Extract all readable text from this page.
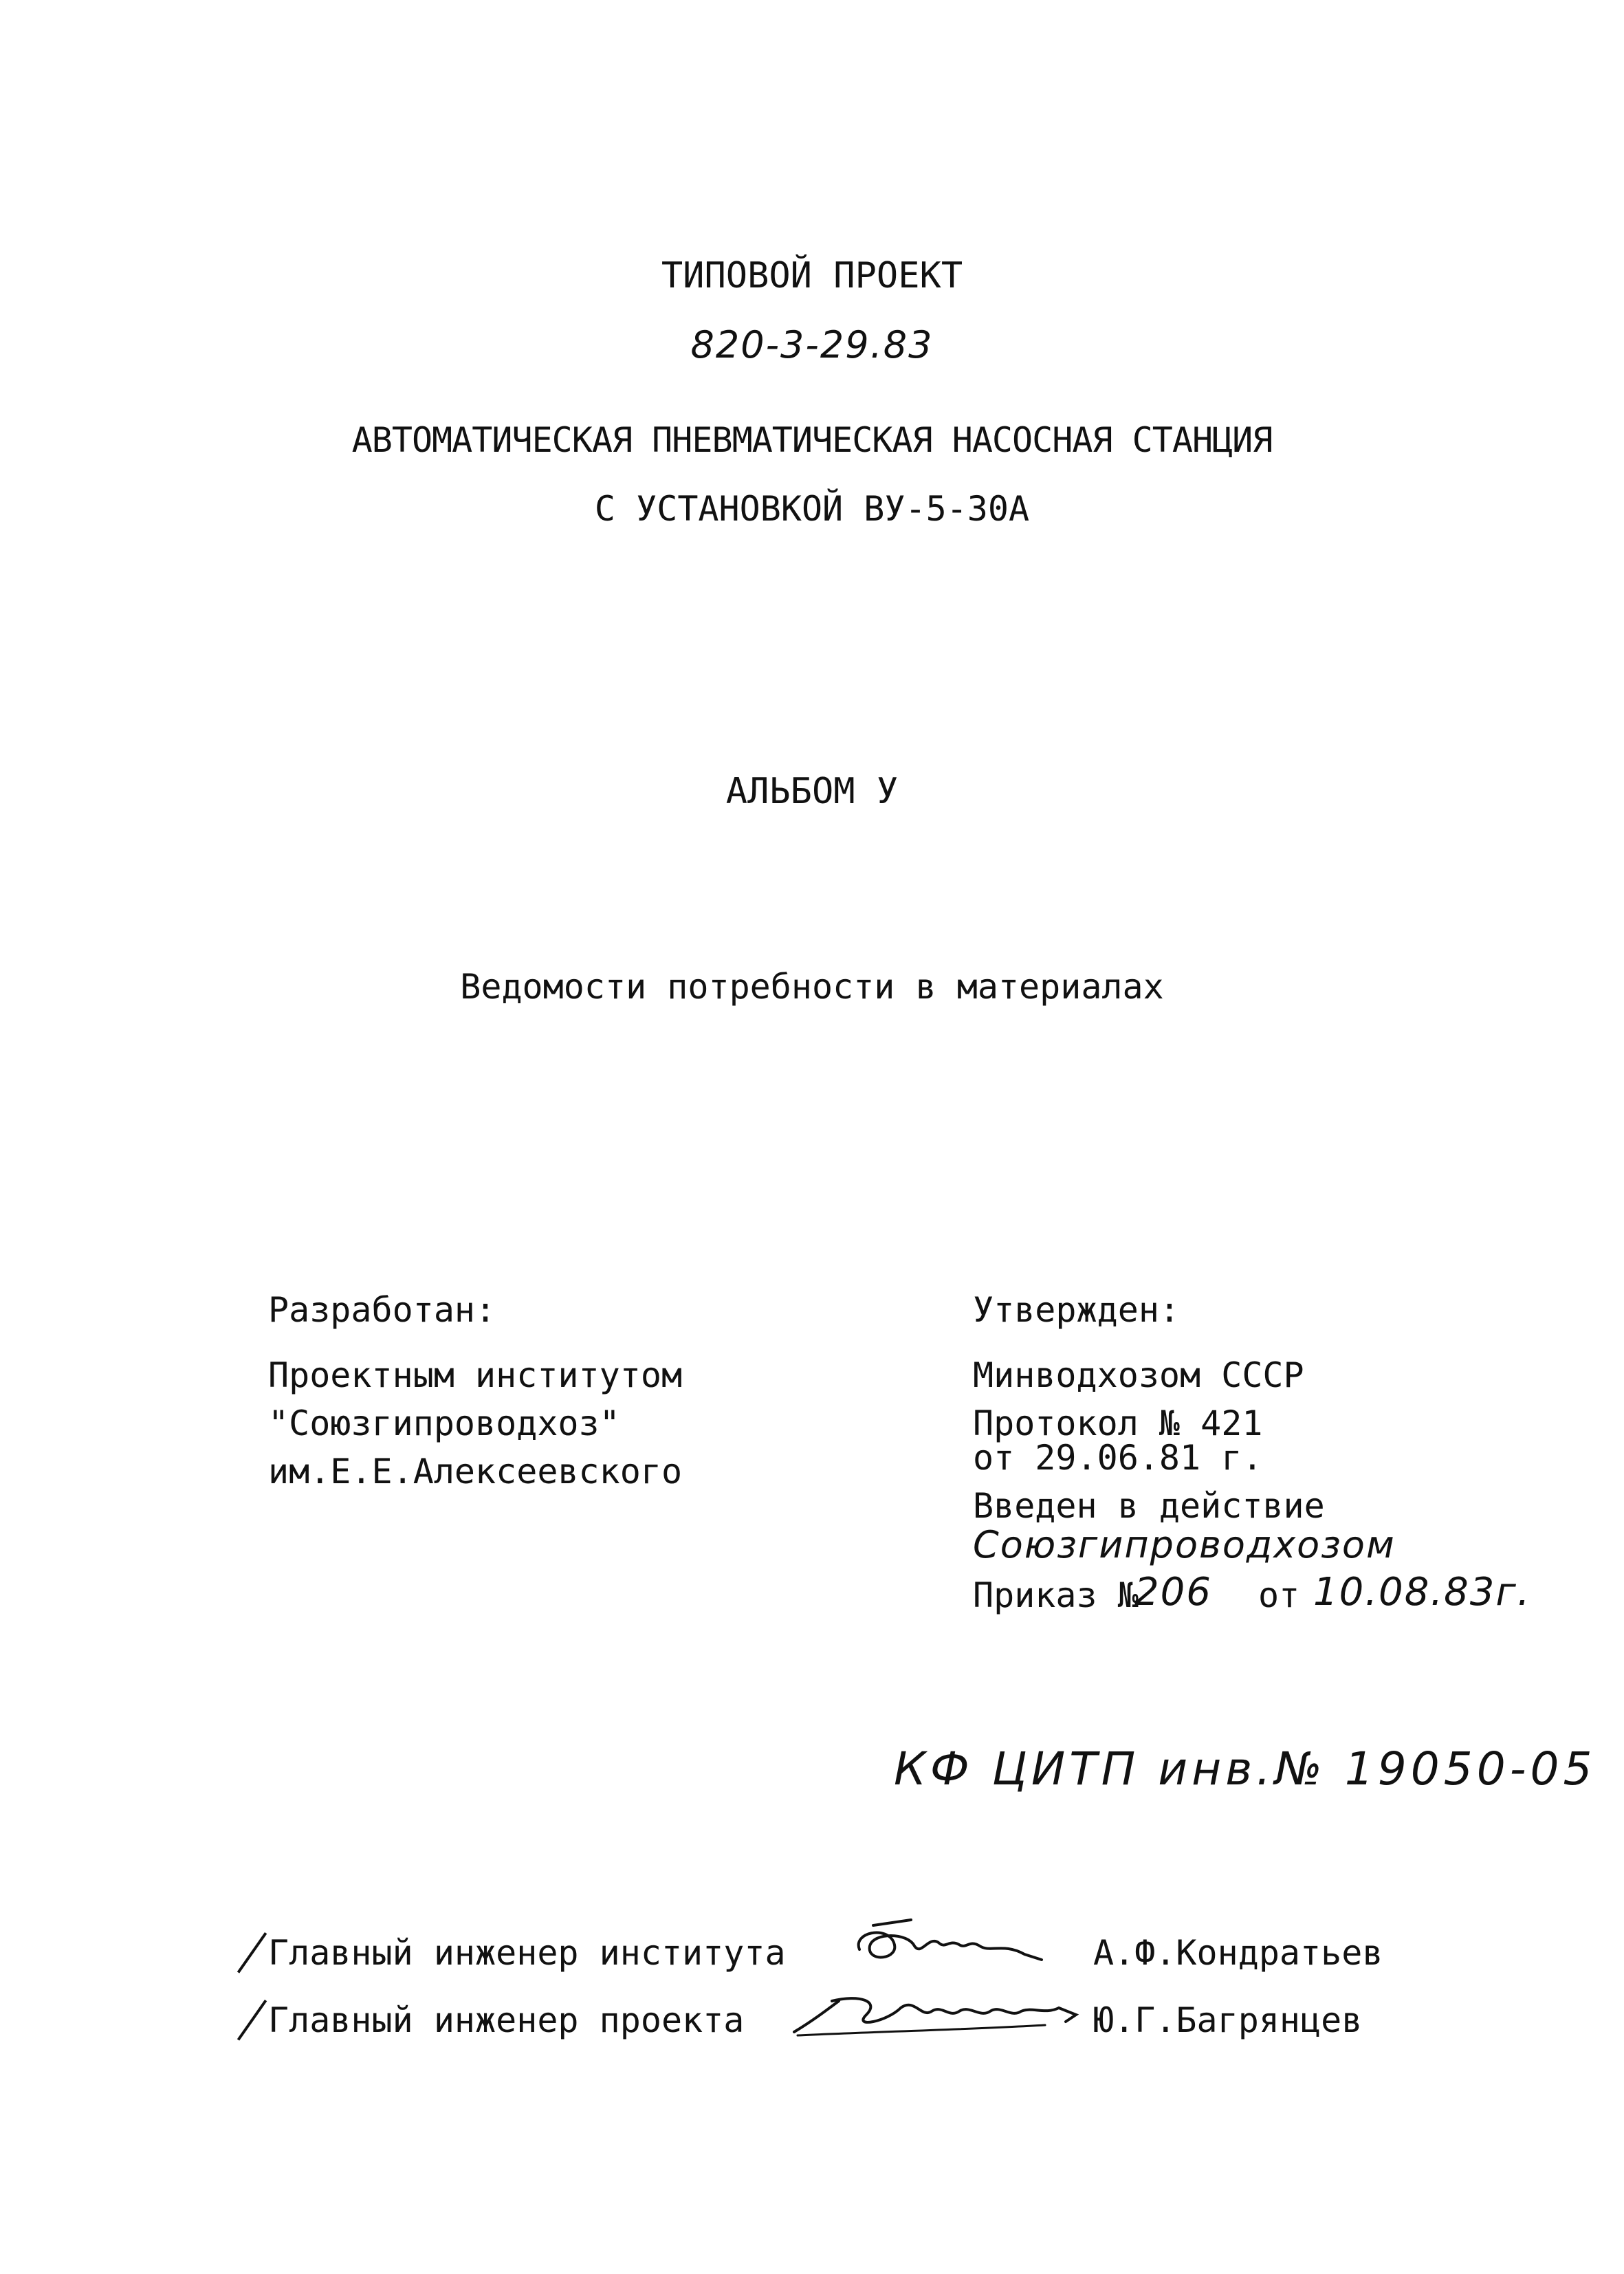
ТИПОВОЙ ПРОЕКТ
820-3-29.83
АВТОМАТИЧЕСКАЯ ПНЕВМАТИЧЕСКАЯ НАСОСНАЯ СТАНЦИЯ
С УСТАНОВКОЙ ВУ-5-30А
АЛЬБОМ У
Ведомости потребности в материалах
Разработан:
Проектным институтом
"Союзгипроводхоз"
им.Е.Е.Алексеевского
Утвержден:
Минводхозом СССР
Протокол № 421
от 29.06.81 г.
Введен в действие
Союзгипроводхозом
Приказ №
206 от 10.08.83г.
КФ ЦИТП инв.№ 19050-05
Главный инженер института	А.Ф.Кондратьев
Главный инженер проекта	Ю.Г.Багрянцев
